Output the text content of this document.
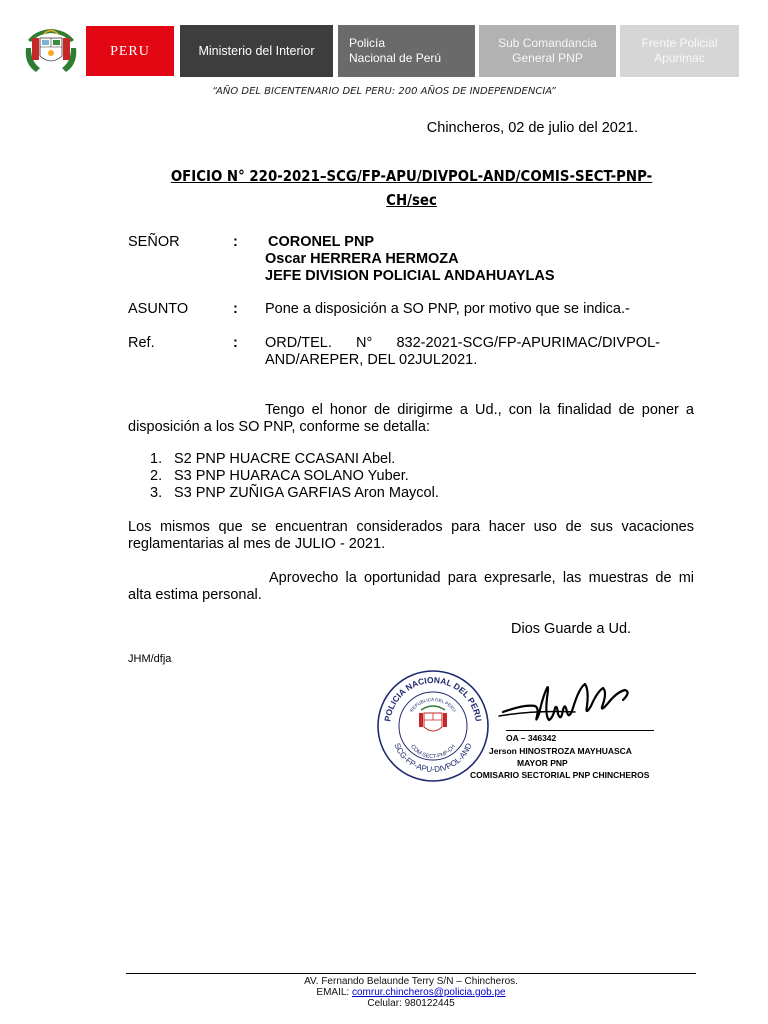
PERU	Ministerio del Interior
Policía
Nacional de Perú
Sub Comandancia
General PNP
Frente Policial
Apurimac
“AÑO DEL BICENTENARIO DEL PERU: 200 AÑOS DE INDEPENDENCIA”
Chincheros, 02 de julio del 2021.
OFICIO N° 220-2021–SCG/FP-APU/DIVPOL-AND/COMIS-SECT-PNP-
CH/sec
SEÑOR	: CORONEL PNP
Oscar HERRERA HERMOZA
JEFE DIVISION POLICIAL ANDAHUAYLAS
ASUNTO	: Pone a disposición a SO PNP, por motivo que se indica.-
Ref.	: ORD/TEL.      N°      832-2021-SCG/FP-APURIMAC/DIVPOL-
AND/AREPER, DEL 02JUL2021.
Tengo el honor de dirigirme a Ud., con la finalidad de poner a disposición a los SO PNP, conforme se detalla:
1. S2 PNP HUACRE CCASANI Abel.
2. S3 PNP HUARACA SOLANO Yuber.
3. S3 PNP ZUÑIGA GARFIAS Aron Maycol.
Los mismos que se encuentran considerados para hacer uso de sus vacaciones reglamentarias al mes de JULIO - 2021.
Aprovecho la oportunidad para expresarle, las muestras de mi alta estima personal.
Dios Guarde a Ud.
JHM/dfja
POLICIA NACIONAL DEL PERU
SCG-FP-APU-DIVPOL-AND
REPUBLICA DEL PERU
COM-SECT-PNP-CH
OA – 346342
Jerson HINOSTROZA MAYHUASCA
MAYOR PNP
COMISARIO SECTORIAL PNP CHINCHEROS
AV. Fernando Belaunde Terry S/N – Chincheros.
EMAIL: comrur.chincheros@policia.gob.pe
Celular: 980122445
